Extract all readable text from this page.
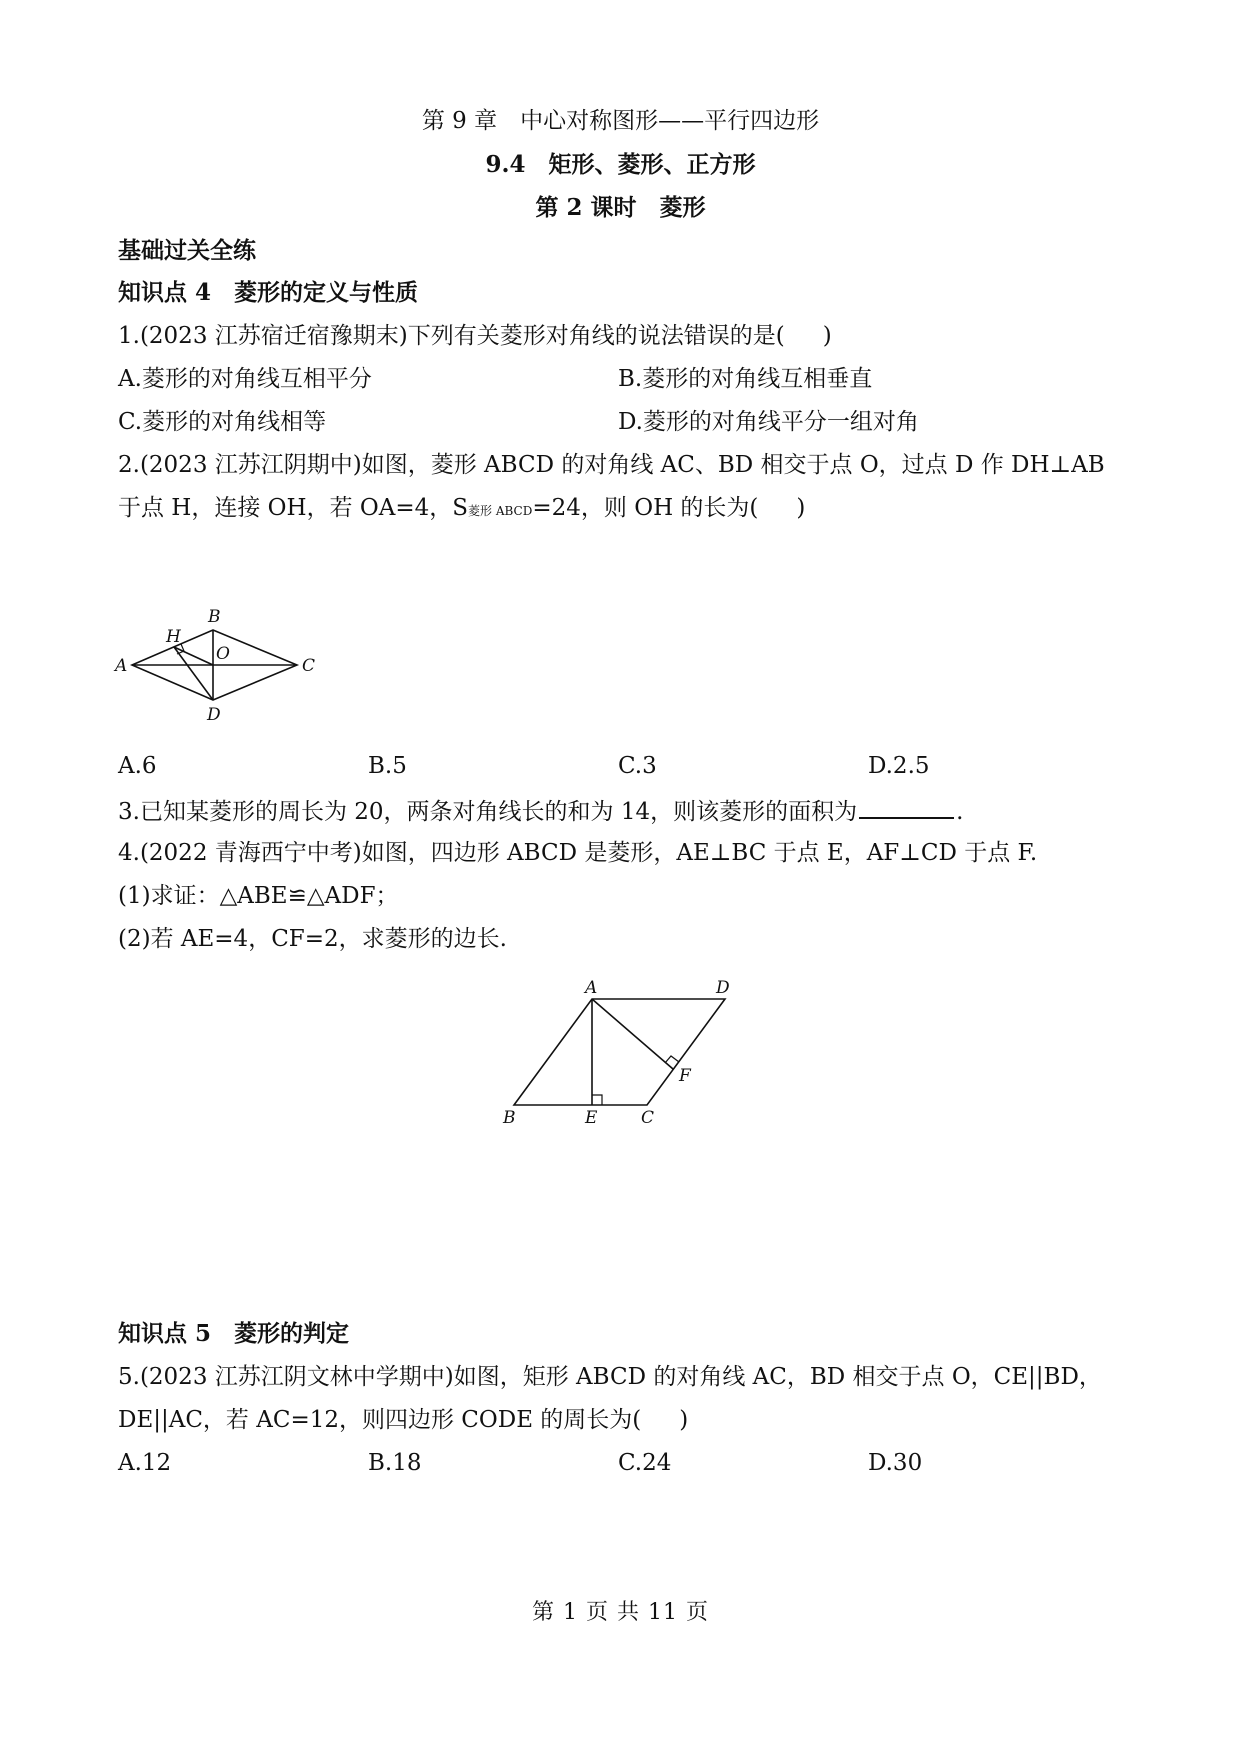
第 9 章　中心对称图形——平行四边形
9.4　矩形、菱形、正方形
第 2 课时　菱形
基础过关全练
知识点 4　菱形的定义与性质
1.(2023 江苏宿迁宿豫期末)下列有关菱形对角线的说法错误的是( )
A.菱形的对角线互相平分	B.菱形的对角线互相垂直
C.菱形的对角线相等	D.菱形的对角线平分一组对角
2.(2023 江苏江阴期中)如图，菱形 ABCD 的对角线 AC、BD 相交于点 O，过点 D 作 DH⊥AB
于点 H，连接 OH，若 OA=4，S菱形 ABCD=24，则 OH 的长为( )
A
B
C
D
H
O
A.6	B.5	C.3	D.2.5
3.已知某菱形的周长为 20，两条对角线长的和为 14，则该菱形的面积为	.
4.(2022 青海西宁中考)如图，四边形 ABCD 是菱形，AE⊥BC 于点 E，AF⊥CD 于点 F.
(1)求证：△ABE≌△ADF；
(2)若 AE=4，CF=2，求菱形的边长.
A	D
B	E	C
F
知识点 5　菱形的判定
5.(2023 江苏江阴文林中学期中)如图，矩形 ABCD 的对角线 AC，BD 相交于点 O，CE||BD，
DE||AC，若 AC=12，则四边形 CODE 的周长为( )
A.12	B.18	C.24	D.30
第 1 页 共 11 页
